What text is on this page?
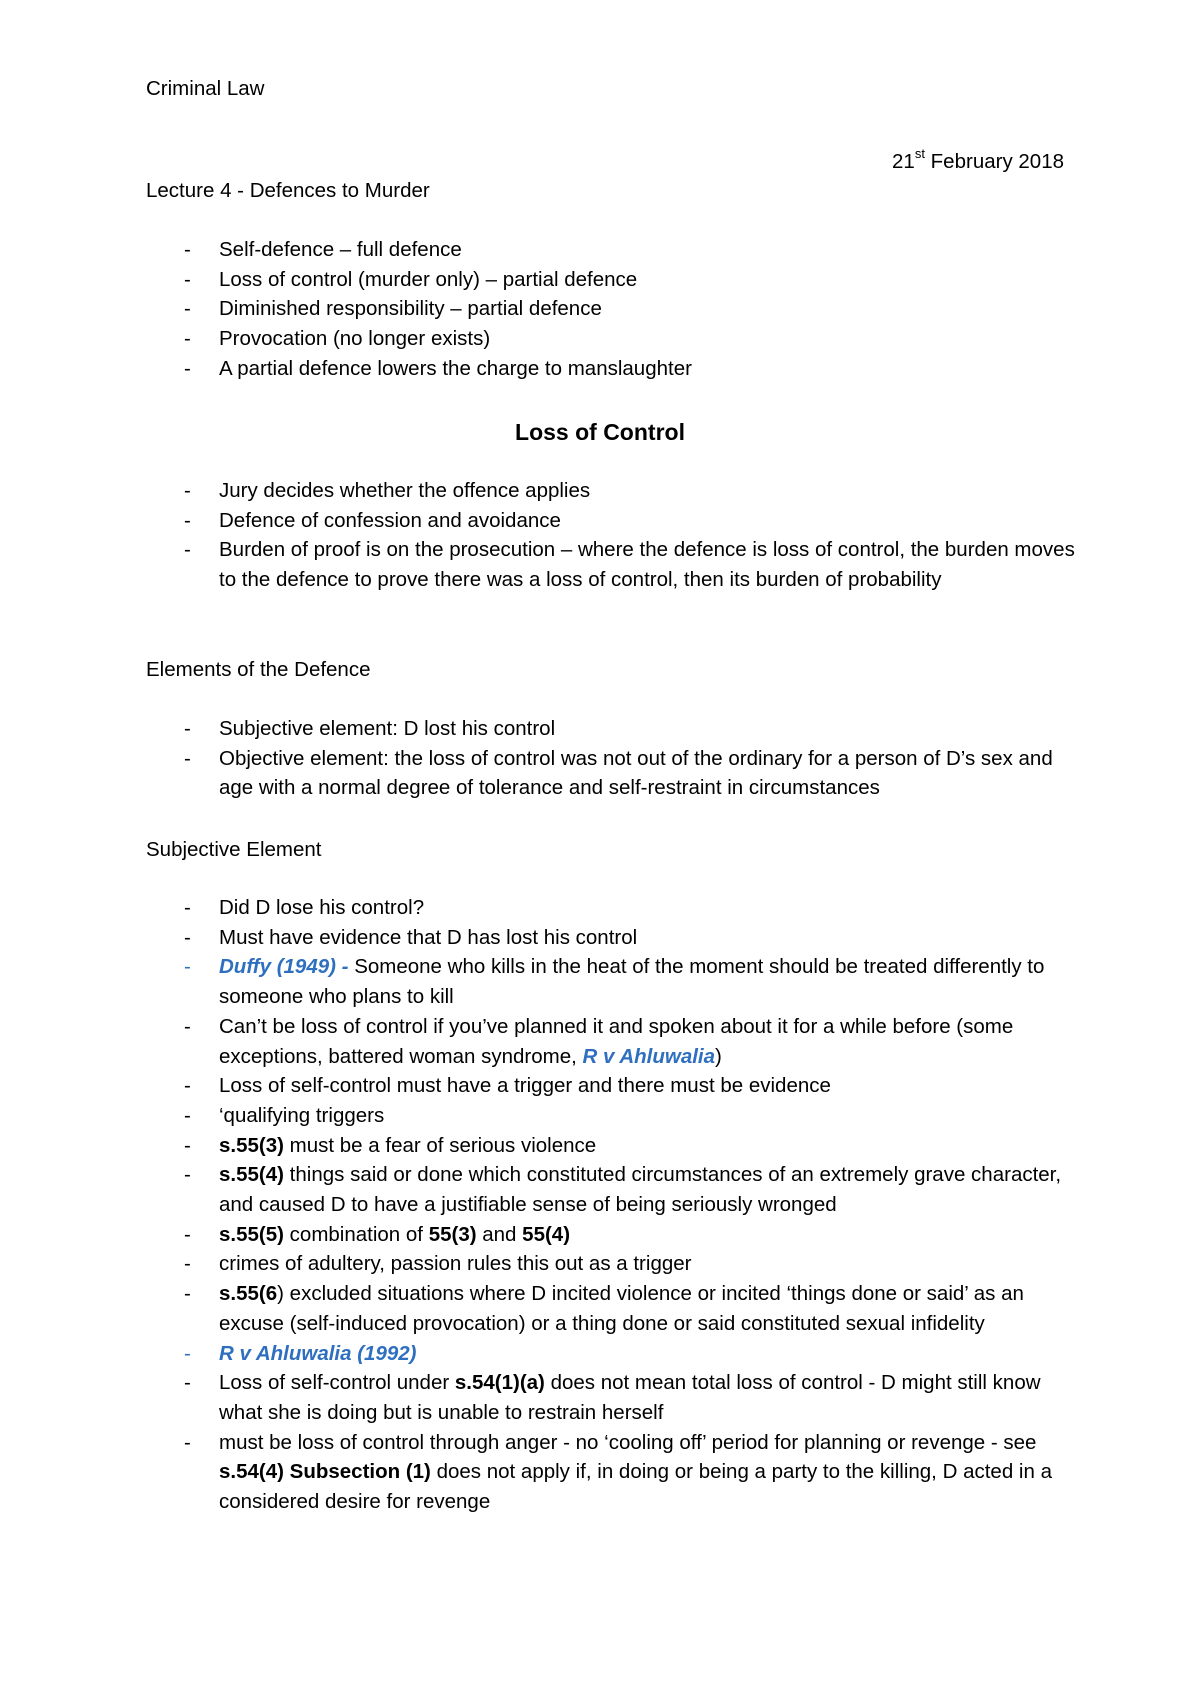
Criminal Law
21st February 2018
Lecture 4 - Defences to Murder
- Self-defence – full defence
- Loss of control (murder only) – partial defence
- Diminished responsibility – partial defence
- Provocation (no longer exists)
- A partial defence lowers the charge to manslaughter
Loss of Control
- Jury decides whether the offence applies
- Defence of confession and avoidance
- Burden of proof is on the prosecution – where the defence is loss of control, the burden moves to the defence to prove there was a loss of control, then its burden of probability
Elements of the Defence
- Subjective element: D lost his control
- Objective element: the loss of control was not out of the ordinary for a person of D’s sex and age with a normal degree of tolerance and self-restraint in circumstances
Subjective Element
- Did D lose his control?
- Must have evidence that D has lost his control
- Duffy (1949) - Someone who kills in the heat of the moment should be treated differently to someone who plans to kill
- Can’t be loss of control if you’ve planned it and spoken about it for a while before (some exceptions, battered woman syndrome, R v Ahluwalia)
- Loss of self-control must have a trigger and there must be evidence
- ‘qualifying triggers
- s.55(3) must be a fear of serious violence
- s.55(4) things said or done which constituted circumstances of an extremely grave character, and caused D to have a justifiable sense of being seriously wronged
- s.55(5) combination of 55(3) and 55(4)
- crimes of adultery, passion rules this out as a trigger
- s.55(6) excluded situations where D incited violence or incited ‘things done or said’ as an excuse (self-induced provocation) or a thing done or said constituted sexual infidelity
- R v Ahluwalia (1992)
- Loss of self-control under s.54(1)(a) does not mean total loss of control - D might still know what she is doing but is unable to restrain herself
- must be loss of control through anger - no ‘cooling off’ period for planning or revenge - see s.54(4) Subsection (1) does not apply if, in doing or being a party to the killing, D acted in a considered desire for revenge
